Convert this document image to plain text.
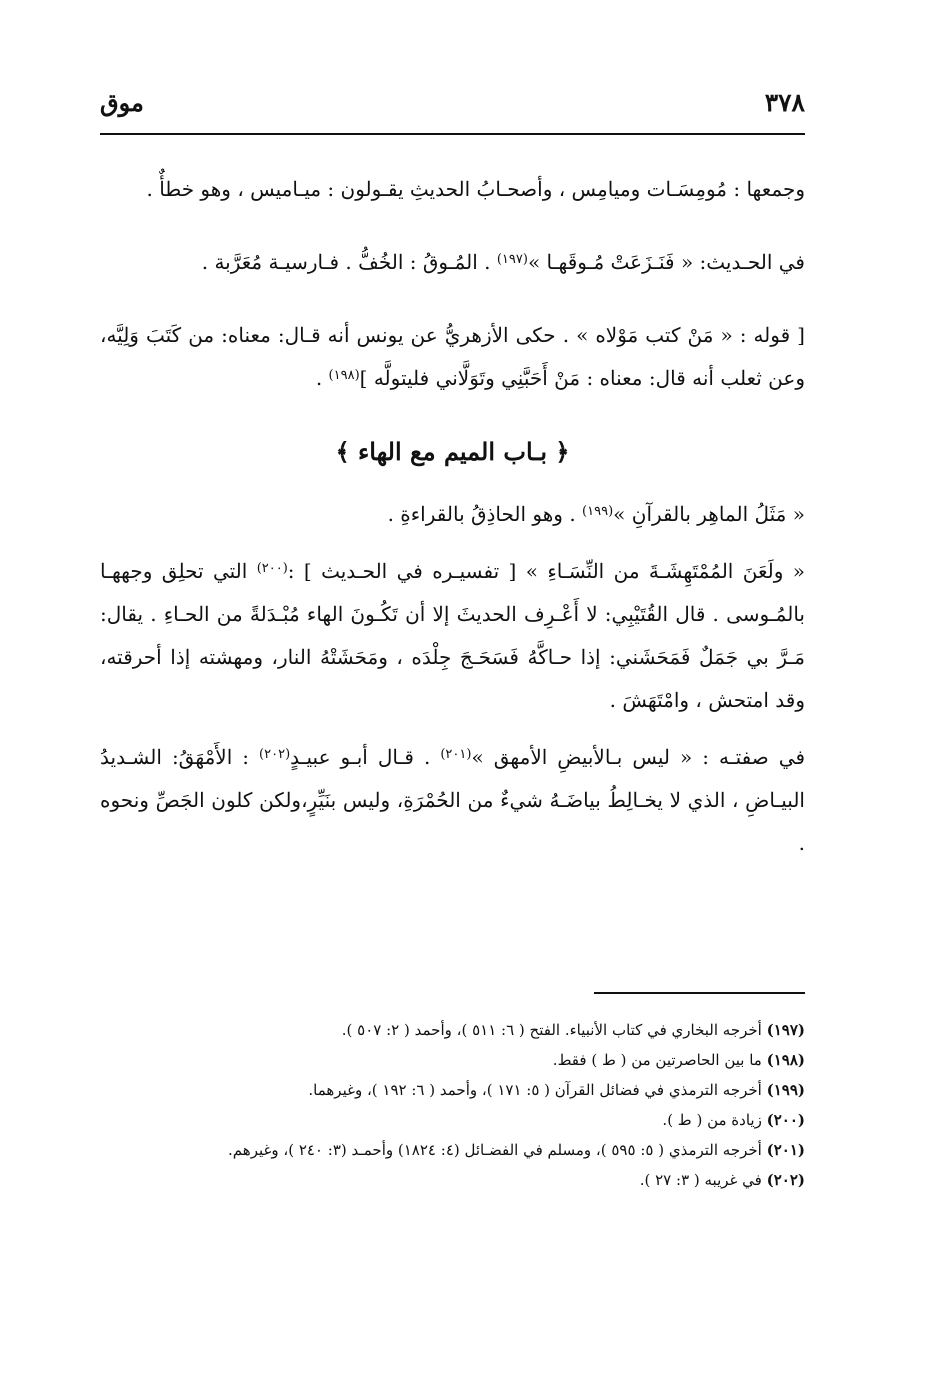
٣٧٨
موق

وجمعها : مُومِسَـات وميامِس ، وأصحـابُ الحديثِ يقـولون : ميـاميس ، وهو خطأٌ .

في الحـديث: « فَنَـزَعَتْ مُـوقَهـا »$^{(١٩٧)}$ . المُـوقُ : الخُفُّ . فـارسيـة مُعَرَّبة .

[ قوله : « مَنْ كتب مَوْلاه » . حكى الأزهريُّ عن يونس أنه قـال: معناه: من كَتَبَ وَلِيَّه، وعن ثعلب أنه قال: معناه : مَنْ أَحَبَّنِي وتَوَلَّاني فليتولَّه ]$^{(١٩٨)}$ .

﴿ بـاب الميم مع الهاء ﴾

« مَثَلُ الماهِر بالقرآنِ »$^{(١٩٩)}$ . وهو الحاذِقُ بالقراءةِ .

« ولَعَنَ المُمْتَهِشَـةَ من النِّسَـاءِ » [ تفسيـره في الحـديث ] :$^{(٢٠٠)}$ التي تحلِق وجههـا بالمُـوسى . قال القُتَيْبِي: لا أَعْـرِف الحديثَ إلا أن تَكُـونَ الهاء مُبْـدَلةً من الحـاءِ . يقال: مَـرَّ بي جَمَلٌ فَمَحَشَني: إذا حـاكَّهُ فَسَحَـجَ جِلْدَه ، ومَحَشَتْهُ النار، ومهشته إذا أحرقته، وقد امتحش ، وامْتَهَشَ .

في صفتـه : « ليس بـالأبيضِ الأمهق »$^{(٢٠١)}$ . قـال أبـو عبيـدٍ$^{(٢٠٢)}$ : الأَمْهَقُ: الشـديدُ البيـاضِ ، الذي لا يخـالِطُ بياضَـهُ شيءٌ من الحُمْرَةِ، وليس بنَيِّرٍ،ولكن كلون الجَصِّ ونحوه .

(١٩٧) أخرجه البخاري في كتاب الأنبياء. الفتح ( ٦: ٥١١ )، وأحمد ( ٢: ٥٠٧ ).
(١٩٨) ما بين الحاصرتين من ( ط ) فقط.
(١٩٩) أخرجه الترمذي في فضائل القرآن ( ٥: ١٧١ )، وأحمد ( ٦: ١٩٢ )، وغيرهما.
(٢٠٠) زيادة من ( ط ).
(٢٠١) أخرجه الترمذي ( ٥: ٥٩٥ )، ومسلم في الفضـائل (٤: ١٨٢٤) وأحمـد (٣: ٢٤٠ )، وغيرهم.
(٢٠٢) في غريبه ( ٣: ٢٧ ).
